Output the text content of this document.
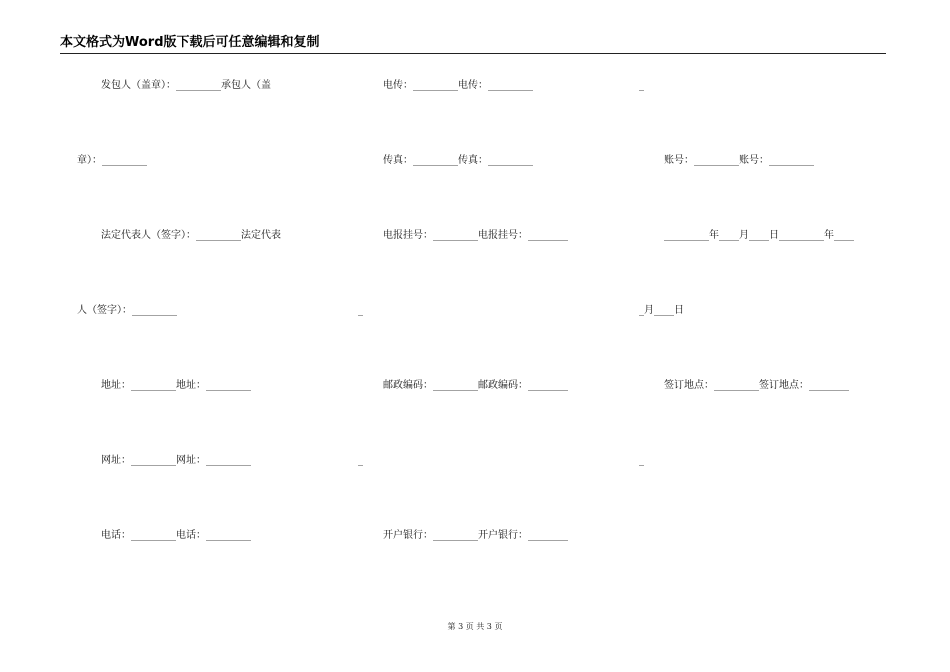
本文格式为Word版下载后可任意编辑和复制
发包人（盖章）：_________承包人（盖
章）：_________
法定代表人（签字）：_________法定代表
人（签字）：_________
地址：_________地址：_________
网址：_________网址：_________
电话：_________电话：_________
电传：_________电传：_________
传真：_________传真：_________
电报挂号：_________电报挂号：________
_
邮政编码：_________邮政编码：________
_
开户银行：_________开户银行：________
_
账号：_________账号：_________
_________年____月____日_________年____
_月____日
签订地点：_________签订地点：________
_
第 3 页 共 3 页
